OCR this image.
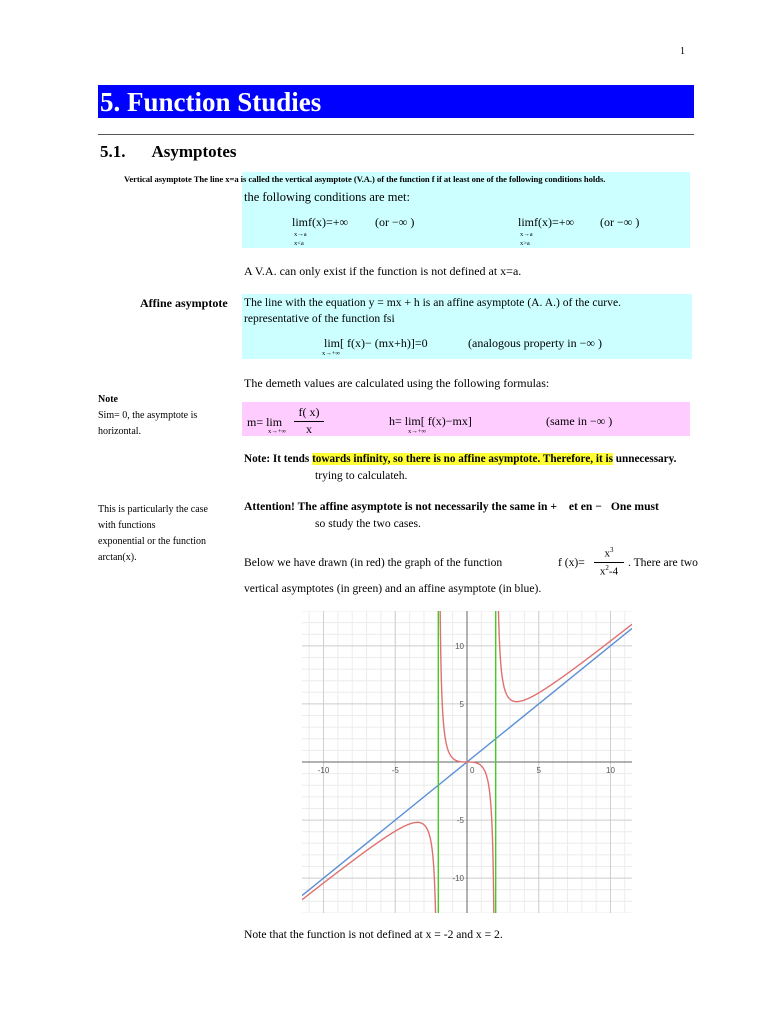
1
5. Function Studies
5.1. Asymptotes
Vertical asymptote The line x=a is called the vertical asymptote (V.A.) of the function f if at least one of the following conditions holds.
the following conditions are met:
limf(x)=+∞
x→a
x<a
(or −∞ )	limf(x)=+∞
x→a
x>a
(or −∞ )
A V.A. can only exist if the function is not defined at x=a.
Affine asymptote The line with the equation y = mx + h is an affine asymptote (A. A.) of the curve.
representative of the function fsi
lim[ f(x)− (mx+h)]=0
x→+∞
(analogous property in −∞ )
The demeth values are calculated using the following formulas:
Note
Sim= 0, the asymptote is
horizontal.
m= lim
x→+∞
f( x)
x
h= lim[ f(x)−mx]
x→+∞
(same in −∞ )
Note: It tends towards infinity, so there is no affine asymptote. Therefore, it is unnecessary.
trying to calculateh.
This is particularly the case
with functions
exponential or the function
arctan(x).
Attention! The affine asymptote is not necessarily the same in +  et en − One must
so study the two cases.
Below we have drawn (in red) the graph of the function	f (x)=
$x^3$
$x^2-4$
. There are two
vertical asymptotes (in green) and an affine asymptote (in blue).
-10	-5	0	5	10
10
5
-5
-10
Note that the function is not defined at x = -2 and x = 2.
